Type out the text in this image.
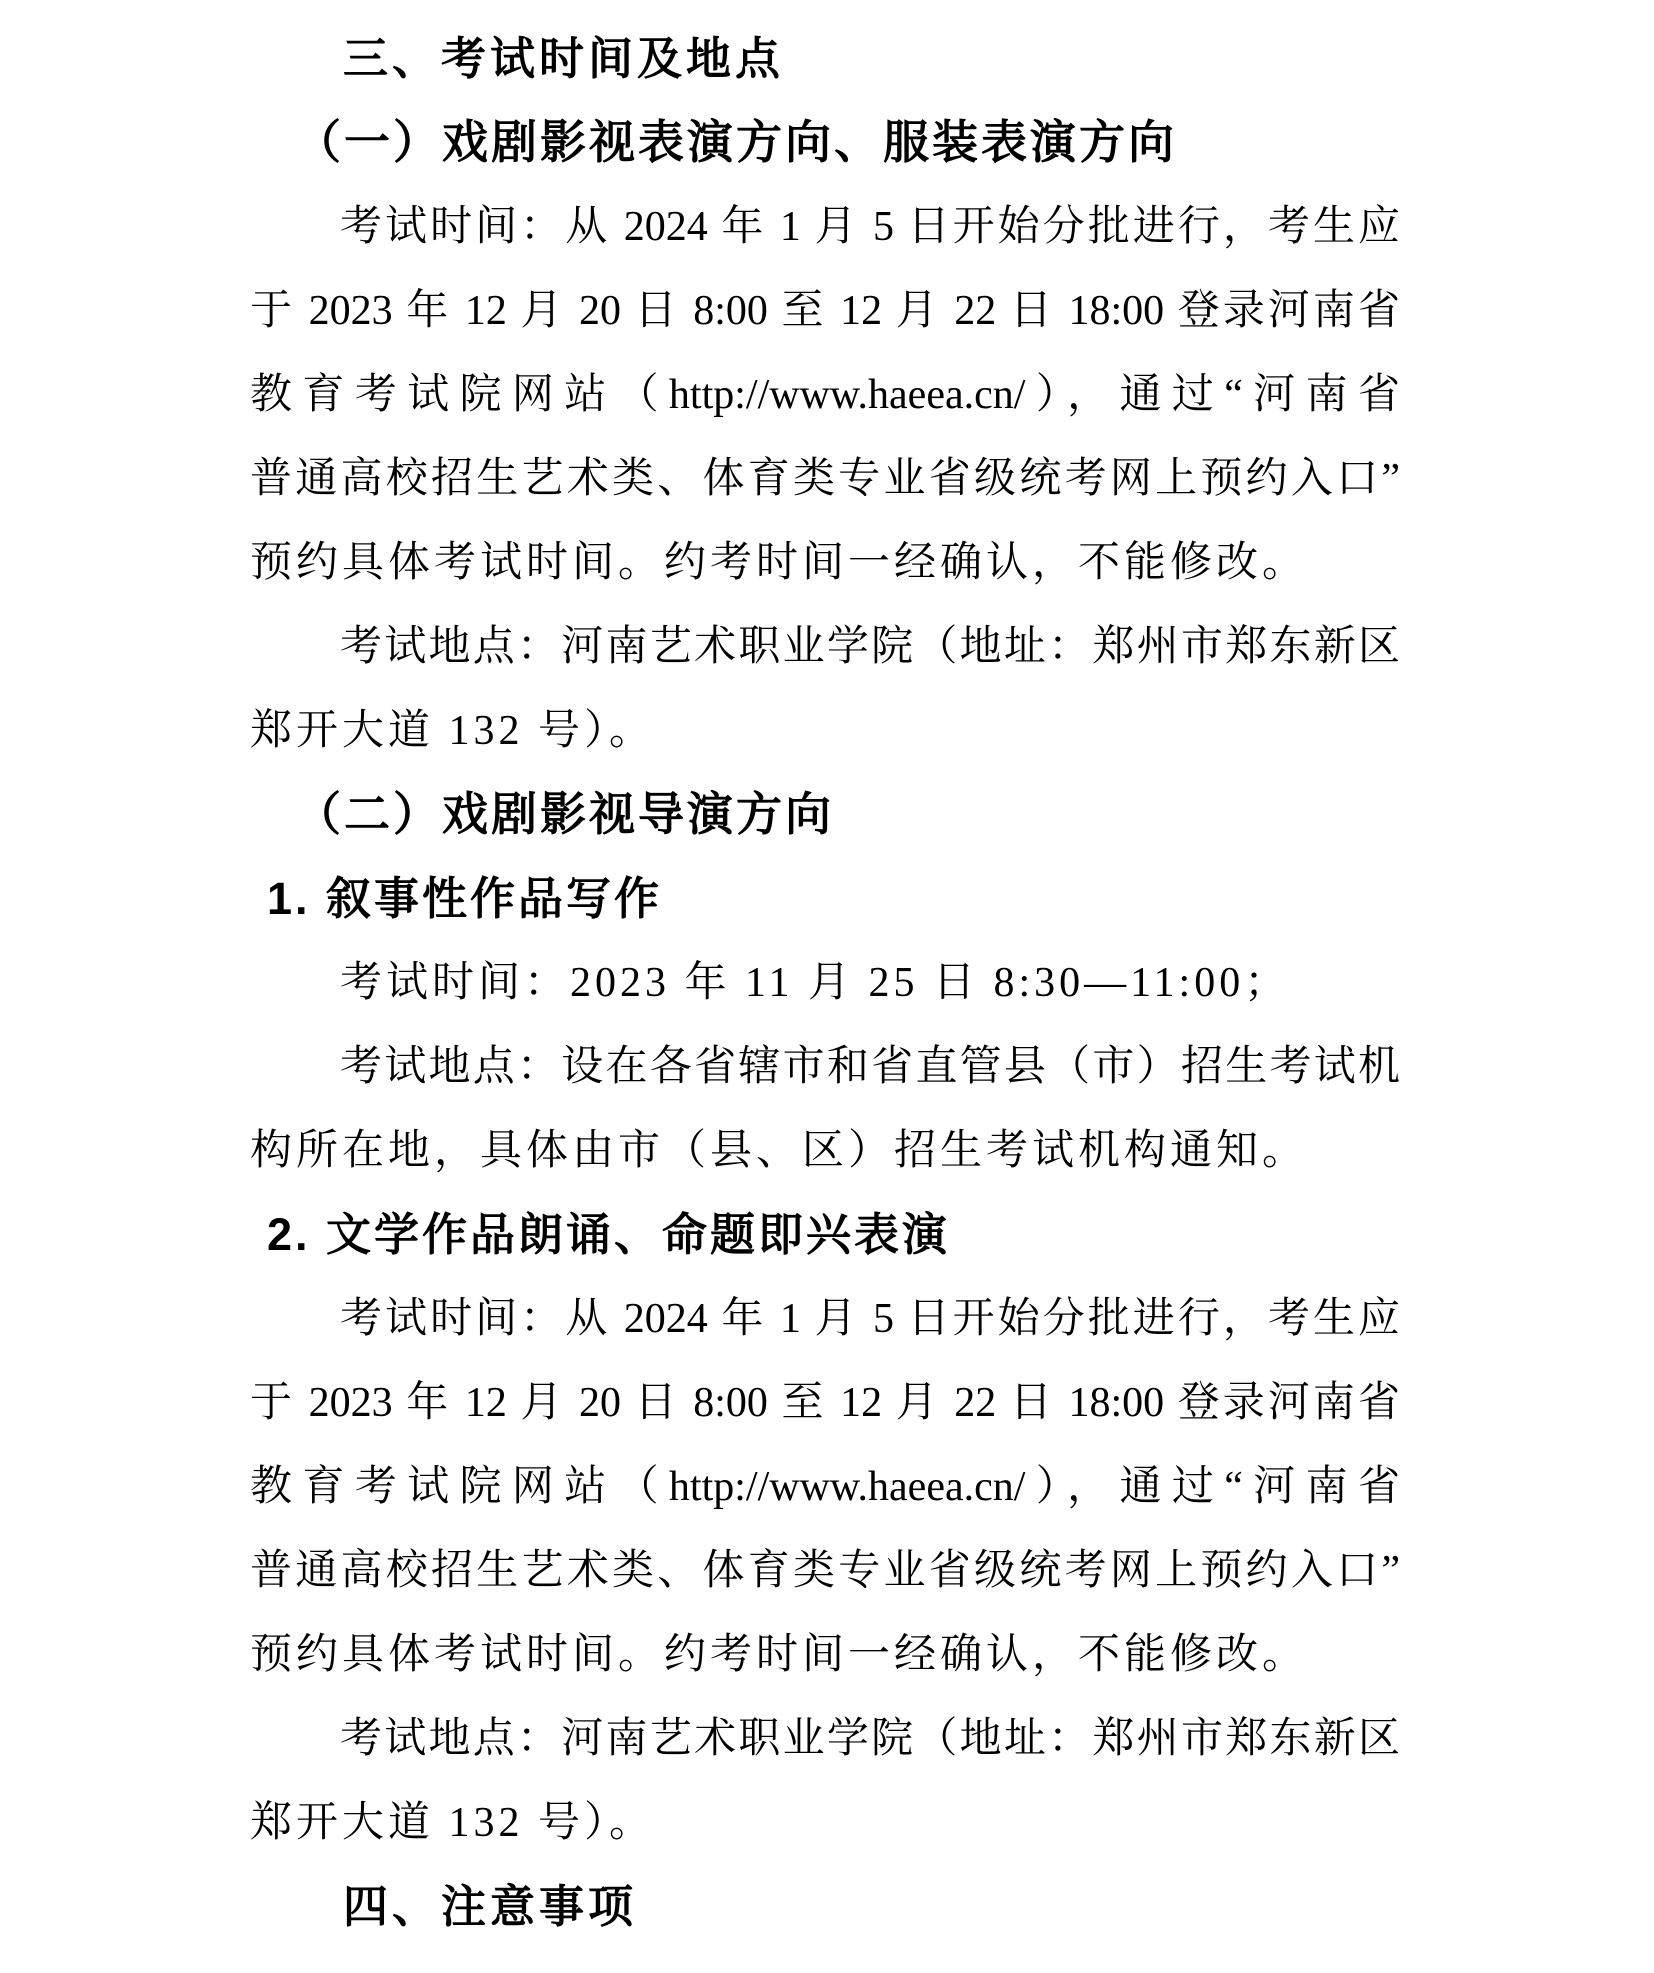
三、考试时间及地点
（一）戏剧影视表演方向、服装表演方向
考试时间：从 2024 年 1 月 5 日开始分批进行，考生应
于 2023 年 12 月 20 日 8:00 至 12 月 22 日 18:00 登录河南省
教育考试院网站（http://www.haeea.cn/），通过“河南省
普通高校招生艺术类、体育类专业省级统考网上预约入口”
预约具体考试时间。约考时间一经确认，不能修改。
考试地点：河南艺术职业学院（地址：郑州市郑东新区
郑开大道 132 号）。
（二）戏剧影视导演方向
1. 叙事性作品写作
考试时间：2023 年 11 月 25 日 8:30—11:00；
考试地点：设在各省辖市和省直管县（市）招生考试机
构所在地，具体由市（县、区）招生考试机构通知。
2. 文学作品朗诵、命题即兴表演
考试时间：从 2024 年 1 月 5 日开始分批进行，考生应
于 2023 年 12 月 20 日 8:00 至 12 月 22 日 18:00 登录河南省
教育考试院网站（http://www.haeea.cn/），通过“河南省
普通高校招生艺术类、体育类专业省级统考网上预约入口”
预约具体考试时间。约考时间一经确认，不能修改。
考试地点：河南艺术职业学院（地址：郑州市郑东新区
郑开大道 132 号）。
四、注意事项
